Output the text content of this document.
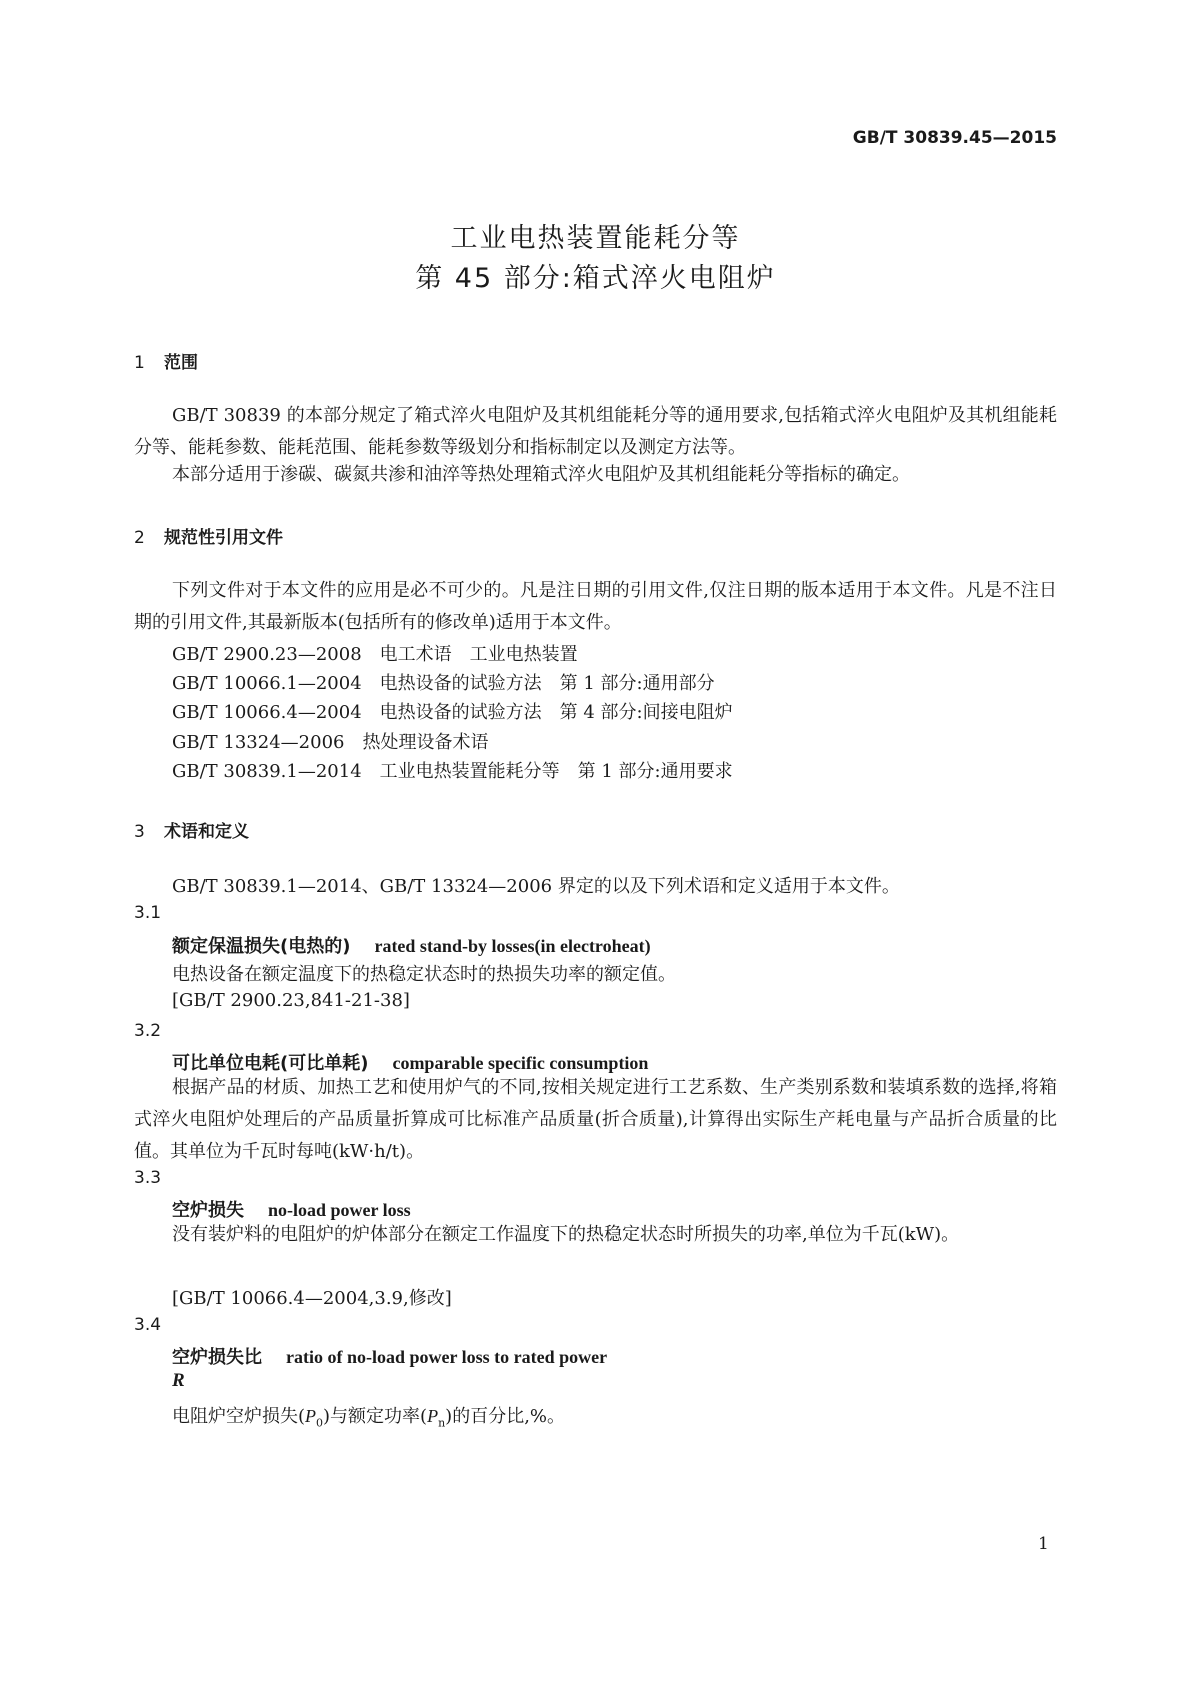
GB/T 30839.45—2015
工业电热装置能耗分等
第 45 部分:箱式淬火电阻炉
1 范围
GB/T 30839 的本部分规定了箱式淬火电阻炉及其机组能耗分等的通用要求,包括箱式淬火电阻炉及其机组能耗分等、能耗参数、能耗范围、能耗参数等级划分和指标制定以及测定方法等。
本部分适用于渗碳、碳氮共渗和油淬等热处理箱式淬火电阻炉及其机组能耗分等指标的确定。
2 规范性引用文件
下列文件对于本文件的应用是必不可少的。凡是注日期的引用文件,仅注日期的版本适用于本文件。凡是不注日期的引用文件,其最新版本(包括所有的修改单)适用于本文件。
GB/T 2900.23—2008　电工术语　工业电热装置
GB/T 10066.1—2004　电热设备的试验方法　第 1 部分:通用部分
GB/T 10066.4—2004　电热设备的试验方法　第 4 部分:间接电阻炉
GB/T 13324—2006　热处理设备术语
GB/T 30839.1—2014　工业电热装置能耗分等　第 1 部分:通用要求
3 术语和定义
GB/T 30839.1—2014、GB/T 13324—2006 界定的以及下列术语和定义适用于本文件。
3.1
额定保温损失(电热的) rated stand-by losses(in electroheat)
电热设备在额定温度下的热稳定状态时的热损失功率的额定值。
[GB/T 2900.23,841-21-38]
3.2
可比单位电耗(可比单耗) comparable specific consumption
根据产品的材质、加热工艺和使用炉气的不同,按相关规定进行工艺系数、生产类别系数和装填系数的选择,将箱式淬火电阻炉处理后的产品质量折算成可比标准产品质量(折合质量),计算得出实际生产耗电量与产品折合质量的比值。其单位为千瓦时每吨(kW·h/t)。
3.3
空炉损失 no-load power loss
没有装炉料的电阻炉的炉体部分在额定工作温度下的热稳定状态时所损失的功率,单位为千瓦(kW)。
[GB/T 10066.4—2004,3.9,修改]
3.4
空炉损失比 ratio of no-load power loss to rated power
R
电阻炉空炉损失$(P_0)$与额定功率$(P_n)$的百分比,%。
1
